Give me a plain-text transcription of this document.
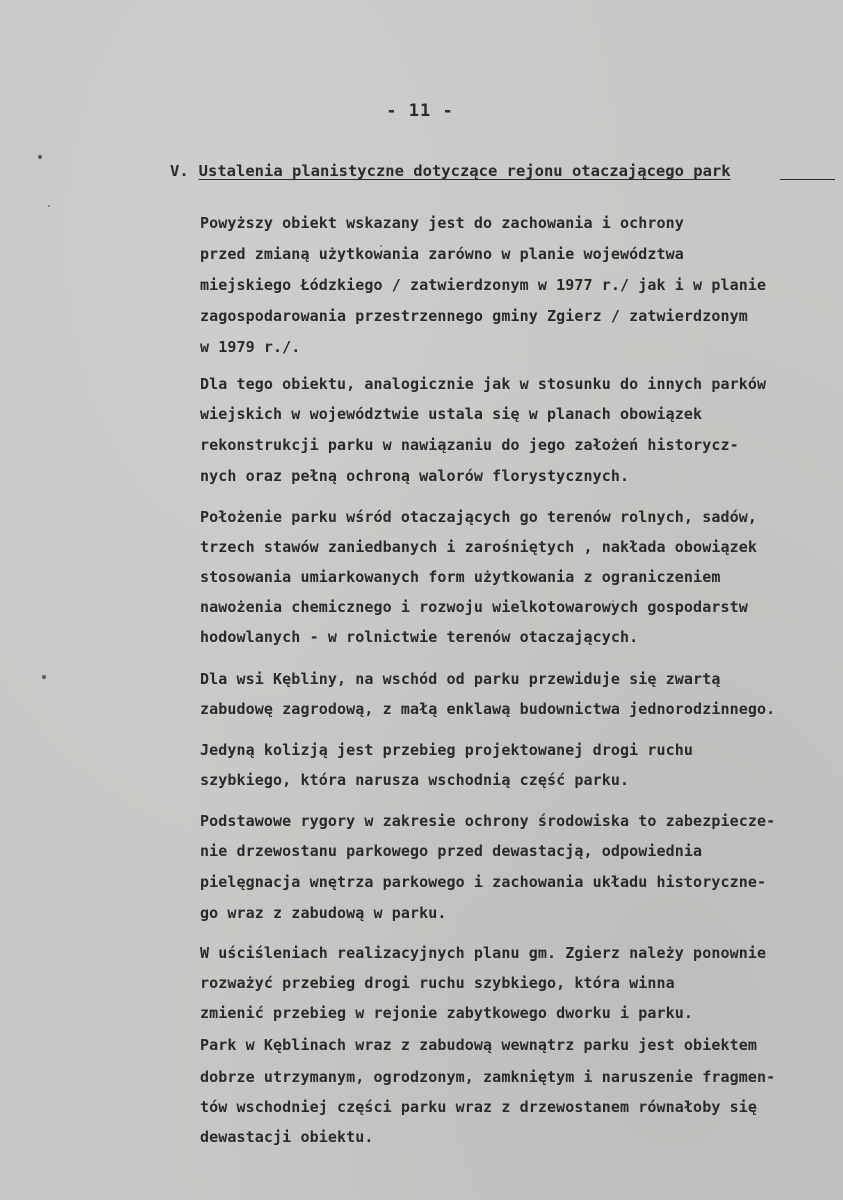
- 11 -
V. Ustalenia planistyczne dotyczące rejonu otaczającego park
Powyższy obiekt wskazany jest do zachowania i ochrony
przed zmianą użytkowania zarówno w planie województwa
miejskiego Łódzkiego / zatwierdzonym w 1977 r./ jak i w planie
zagospodarowania przestrzennego gminy Zgierz / zatwierdzonym
w 1979 r./.
Dla tego obiektu, analogicznie jak w stosunku do innych parków
wiejskich w województwie ustala się w planach obowiązek
rekonstrukcji parku w nawiązaniu do jego założeń historycz-
nych oraz pełną ochroną walorów florystycznych.
Położenie parku wśród otaczających go terenów rolnych, sadów,
trzech stawów zaniedbanych i zarośniętych , nakłada obowiązek
stosowania umiarkowanych form użytkowania z ograniczeniem
nawożenia chemicznego i rozwoju wielkotowarowych gospodarstw
hodowlanych - w rolnictwie terenów otaczających.
Dla wsi Kębliny, na wschód od parku przewiduje się zwartą
zabudowę zagrodową, z małą enklawą budownictwa jednorodzinnego.
Jedyną kolizją jest przebieg projektowanej drogi ruchu
szybkiego, która narusza wschodnią część parku.
Podstawowe rygory w zakresie ochrony środowiska to zabezpiecze-
nie drzewostanu parkowego przed dewastacją, odpowiednia
pielęgnacja wnętrza parkowego i zachowania układu historyczne-
go wraz z zabudową w parku.
W uściśleniach realizacyjnych planu gm. Zgierz należy ponownie
rozważyć przebieg drogi ruchu szybkiego, która winna
zmienić przebieg w rejonie zabytkowego dworku i parku.
Park w Kęblinach wraz z zabudową wewnątrz parku jest obiektem
dobrze utrzymanym, ogrodzonym, zamkniętym i naruszenie fragmen-
tów wschodniej części parku wraz z drzewostanem równałoby się
dewastacji obiektu.
